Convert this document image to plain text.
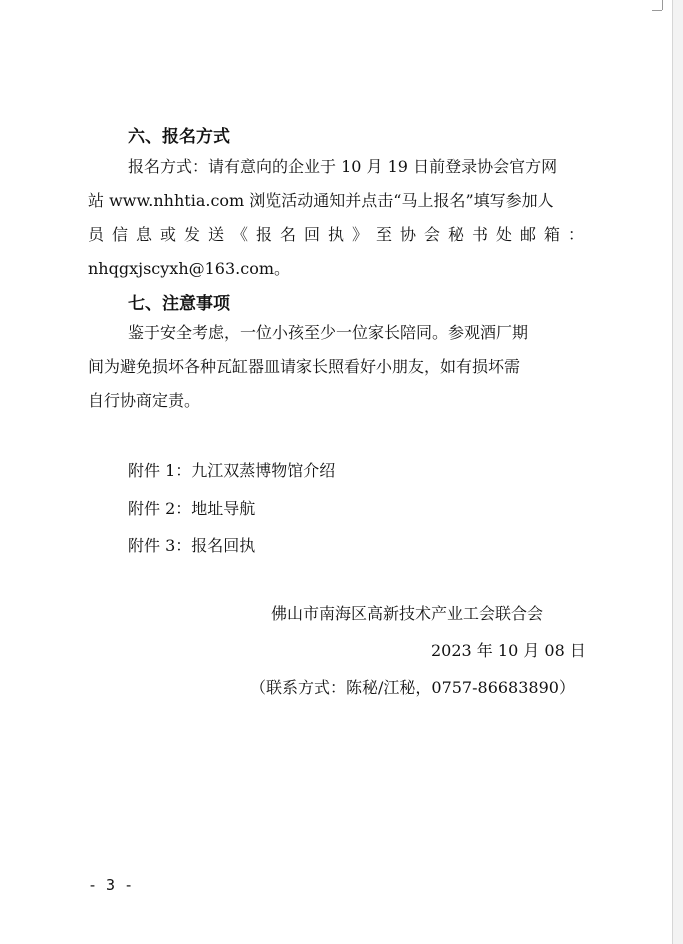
六、报名方式
报名方式：请有意向的企业于 10 月 19 日前登录协会官方网
站 www.nhhtia.com 浏览活动通知并点击“马上报名”填写参加人
员信息或发送《报名回执》至协会秘书处邮箱：
nhqgxjscyxh@163.com。
七、注意事项
鉴于安全考虑，一位小孩至少一位家长陪同。参观酒厂期
间为避免损坏各种瓦缸器皿请家长照看好小朋友，如有损坏需
自行协商定责。
附件 1：九江双蒸博物馆介绍
附件 2：地址导航
附件 3：报名回执
佛山市南海区高新技术产业工会联合会
2023 年 10 月 08 日
（联系方式：陈秘/江秘，0757-86683890）
- 3 -
